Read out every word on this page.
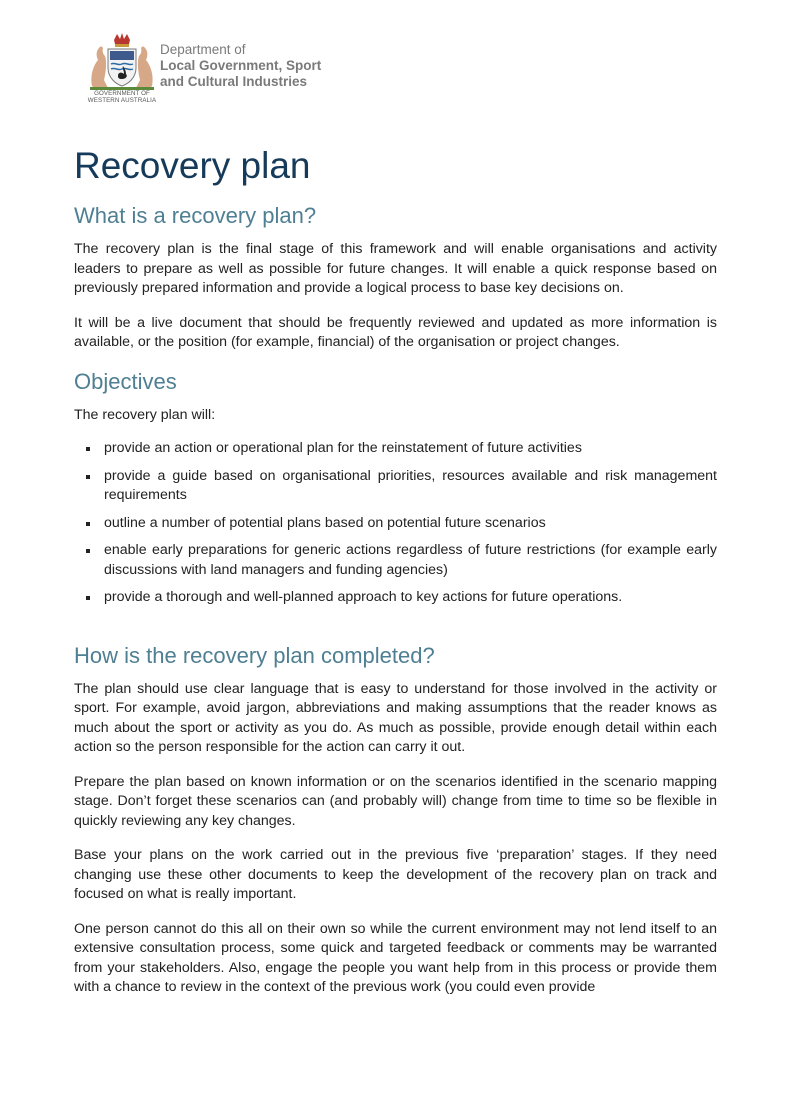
GOVERNMENT OF
WESTERN AUSTRALIA
Department of
Local Government, Sport
and Cultural Industries
Recovery plan
What is a recovery plan?

The recovery plan is the final stage of this framework and will enable organisations and activity leaders to prepare as well as possible for future changes. It will enable a quick response based on previously prepared information and provide a logical process to base key decisions on.

It will be a live document that should be frequently reviewed and updated as more information is available, or the position (for example, financial) of the organisation or project changes.

Objectives

The recovery plan will:

provide an action or operational plan for the reinstatement of future activities
provide a guide based on organisational priorities, resources available and risk management requirements
outline a number of potential plans based on potential future scenarios
enable early preparations for generic actions regardless of future restrictions (for example early discussions with land managers and funding agencies)
provide a thorough and well-planned approach to key actions for future operations.
How is the recovery plan completed?

The plan should use clear language that is easy to understand for those involved in the activity or sport. For example, avoid jargon, abbreviations and making assumptions that the reader knows as much about the sport or activity as you do. As much as possible, provide enough detail within each action so the person responsible for the action can carry it out.

Prepare the plan based on known information or on the scenarios identified in the scenario mapping stage. Don’t forget these scenarios can (and probably will) change from time to time so be flexible in quickly reviewing any key changes.

Base your plans on the work carried out in the previous five ‘preparation’ stages. If they need changing use these other documents to keep the development of the recovery plan on track and focused on what is really important.

One person cannot do this all on their own so while the current environment may not lend itself to an extensive consultation process, some quick and targeted feedback or comments may be warranted from your stakeholders. Also, engage the people you want help from in this process or provide them with a chance to review in the context of the previous work (you could even provide
